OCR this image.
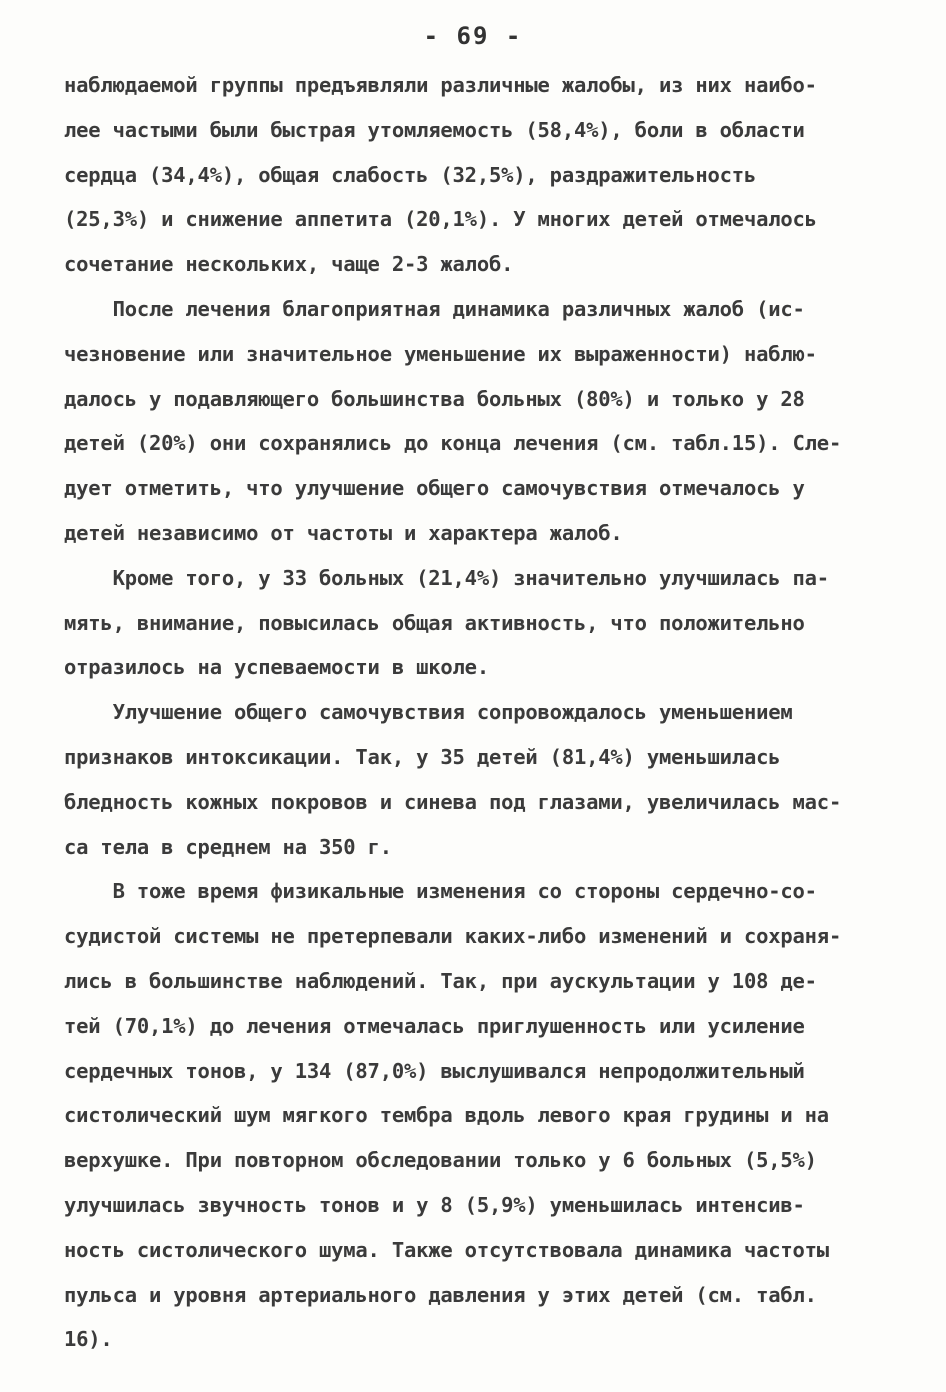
- 69 -
наблюдаемой группы предъявляли различные жалобы, из них наибо-
лее частыми были быстрая утомляемость (58,4%), боли в области
сердца (34,4%), общая слабость (32,5%), раздражительность
(25,3%) и снижение аппетита (20,1%). У многих детей отмечалось
сочетание нескольких, чаще 2-3 жалоб.
После лечения благоприятная динамика различных жалоб (ис-
чезновение или значительное уменьшение их выраженности) наблю-
далось у подавляющего большинства больных (80%) и только у 28
детей (20%) они сохранялись до конца лечения (см. табл.15). Сле-
дует отметить, что улучшение общего самочувствия отмечалось у
детей независимо от частоты и характера жалоб.
Кроме того, у 33 больных (21,4%) значительно улучшилась па-
мять, внимание, повысилась общая активность, что положительно
отразилось на успеваемости в школе.
Улучшение общего самочувствия сопровождалось уменьшением
признаков интоксикации. Так, у 35 детей (81,4%) уменьшилась
бледность кожных покровов и синева под глазами, увеличилась мас-
са тела в среднем на 350 г.
В тоже время физикальные изменения со стороны сердечно-со-
судистой системы не претерпевали каких-либо изменений и сохраня-
лись в большинстве наблюдений. Так, при аускультации у 108 де-
тей (70,1%) до лечения отмечалась приглушенность или усиление
сердечных тонов, у 134 (87,0%) выслушивался непродолжительный
систолический шум мягкого тембра вдоль левого края грудины и на
верхушке. При повторном обследовании только у 6 больных (5,5%)
улучшилась звучность тонов и у 8 (5,9%) уменьшилась интенсив-
ность систолического шума. Также отсутствовала динамика частоты
пульса и уровня артериального давления у этих детей (см. табл.
16).
